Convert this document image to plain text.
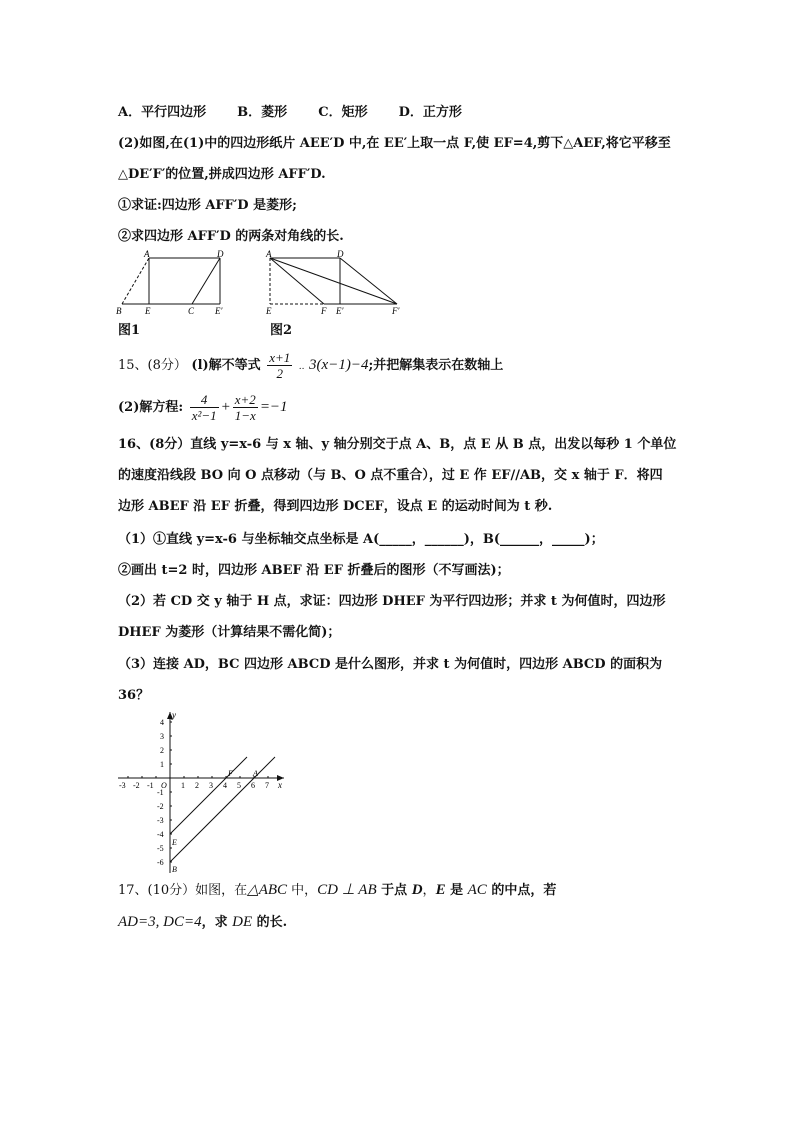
A．平行四边形 B．菱形 C．矩形 D．正方形
(2)如图,在(1)中的四边形纸片 AEE′D 中,在 EE′上取一点 F,使 EF=4,剪下△AEF,将它平移至
△DE′F′的位置,拼成四边形 AFF′D.
①求证:四边形 AFF′D 是菱形;
②求四边形 AFF′D 的两条对角线的长.
A	D
B	E	C E′
A	D
E	F E′	F′
图1	图2
15、(8分） (l)解不等式 $\frac{x+1}{2}$ .. 3(x−1)−4;并把解集表示在数轴上
(2)解方程: $\frac{4}{\text{x²−1}} + \frac{x+2}{1-x} =-1$
16、(8分）直线 y=x-6 与 x 轴、y 轴分别交于点 A、B，点 E 从 B 点，出发以每秒 1 个单位
的速度沿线段 BO 向 O 点移动（与 B、O 点不重合），过 E 作 EF//AB，交 x 轴于 F．将四
边形 ABEF 沿 EF 折叠，得到四边形 DCEF，设点 E 的运动时间为 t 秒.
（1）①直线 y=x-6 与坐标轴交点坐标是 A(_____，______)，B(______，_____)；
②画出 t=2 时，四边形 ABEF 沿 EF 折叠后的图形（不写画法)；
（2）若 CD 交 y 轴于 H 点，求证：四边形 DHEF 为平行四边形；并求 t 为何值时，四边形
DHEF 为菱形（计算结果不需化简)；
（3）连接 AD，BC 四边形 ABCD 是什么图形，并求 t 为何值时，四边形 ABCD 的面积为
36？
x
y
-3 -2 -1 O 1 2 3 4 5 6 7
4
3
2
1
-1
-2
-3
-4
-5
-6
F	A
E
B
17、(10分）如图，在△ABC 中，CD ⊥ AB 于点 D，E 是 AC 的中点，若
AD=3, DC=4，求 DE 的长.
